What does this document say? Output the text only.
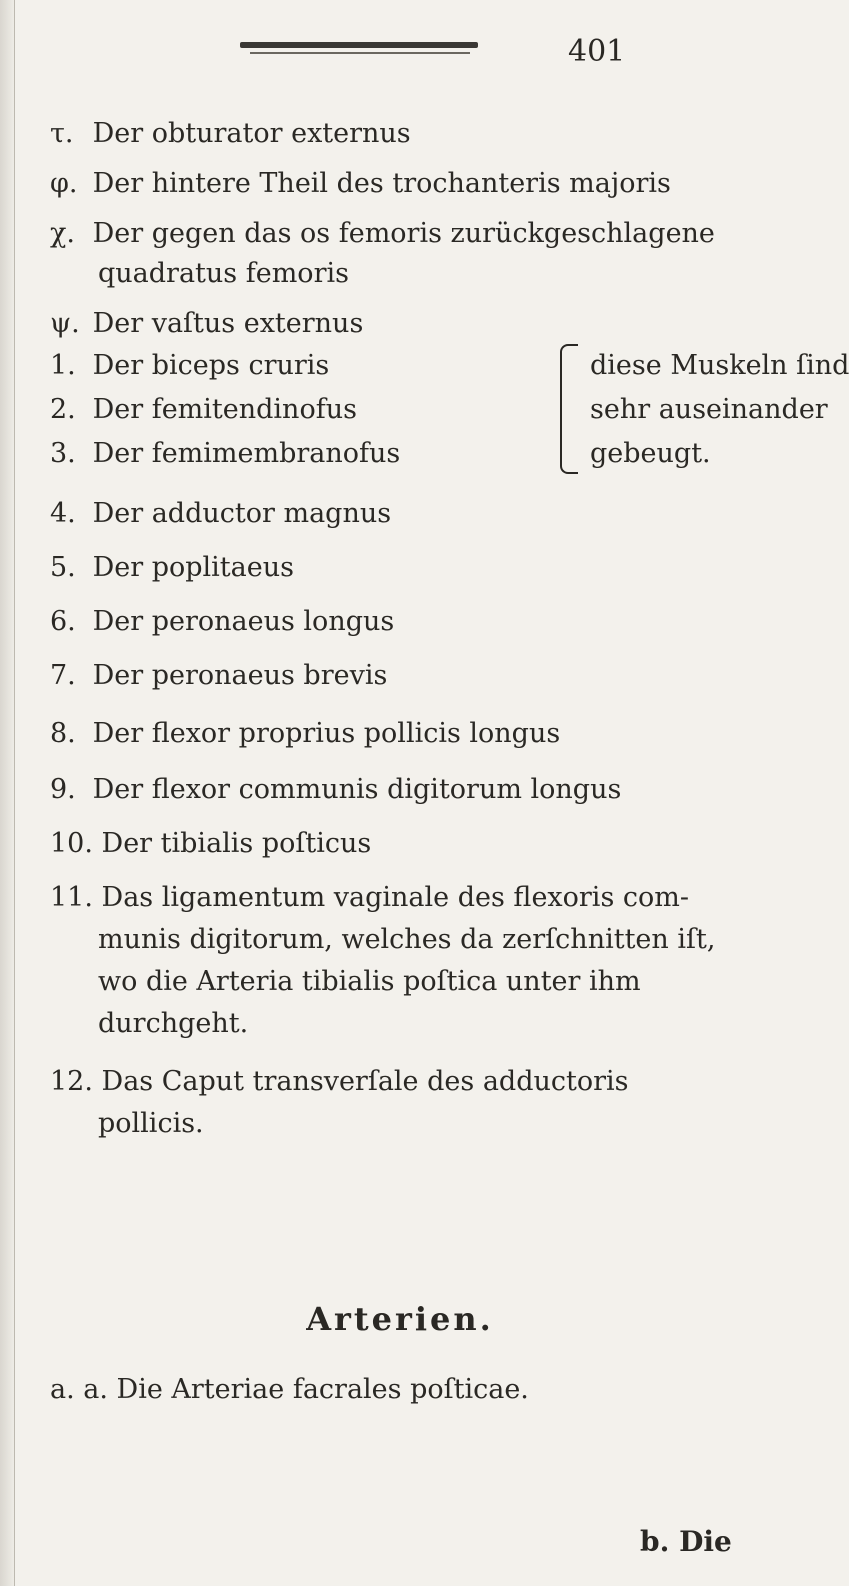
401
τ. Der obturator externus
φ. Der hintere Theil des trochanteris majoris
χ. Der gegen das os femoris zurückgeschlagene
quadratus femoris
ψ. Der vaſtus externus
1. Der biceps cruris
2. Der femitendinofus
3. Der femimembranofus
diese Muskeln ſind
sehr auseinander
gebeugt.
4. Der adductor magnus
5. Der poplitaeus
6. Der peronaeus longus
7. Der peronaeus brevis
8. Der flexor proprius pollicis longus
9. Der flexor communis digitorum longus
10. Der tibialis poſticus
11. Das ligamentum vaginale des flexoris com-
munis digitorum, welches da zerſchnitten iſt,
wo die Arteria tibialis poſtica unter ihm
durchgeht.
12. Das Caput transverſale des adductoris
pollicis.
Arterien.
a. a. Die Arteriae facrales poſticae.
b. Die
